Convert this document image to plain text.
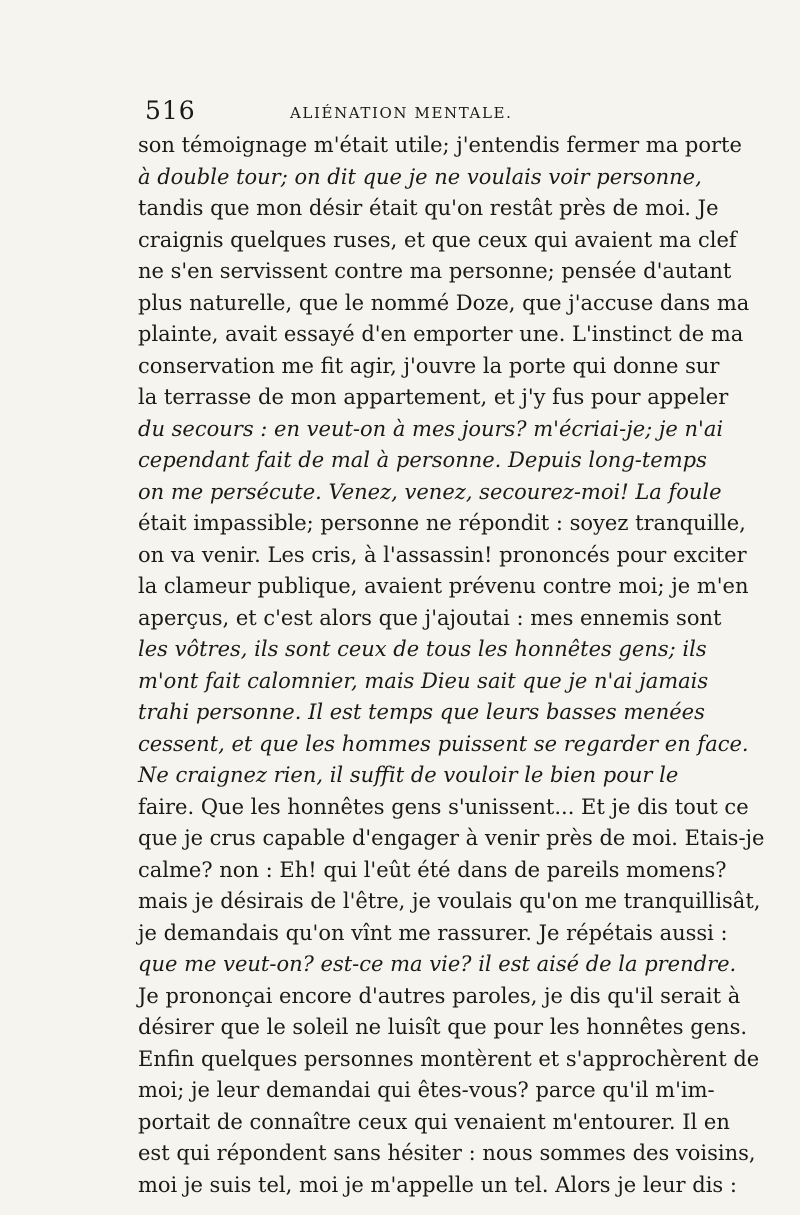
516	ALIÉNATION MENTALE.
son témoignage m'était utile; j'entendis fermer ma porte
à double tour; on dit que je ne voulais voir personne,
tandis que mon désir était qu'on restât près de moi. Je
craignis quelques ruses, et que ceux qui avaient ma clef
ne s'en servissent contre ma personne; pensée d'autant
plus naturelle, que le nommé Doze, que j'accuse dans ma
plainte, avait essayé d'en emporter une. L'instinct de ma
conservation me fit agir, j'ouvre la porte qui donne sur
la terrasse de mon appartement, et j'y fus pour appeler
du secours : en veut-on à mes jours? m'écriai-je; je n'ai
cependant fait de mal à personne. Depuis long-temps
on me persécute. Venez, venez, secourez-moi! La foule
était impassible; personne ne répondit : soyez tranquille,
on va venir. Les cris, à l'assassin! prononcés pour exciter
la clameur publique, avaient prévenu contre moi; je m'en
aperçus, et c'est alors que j'ajoutai : mes ennemis sont
les vôtres, ils sont ceux de tous les honnêtes gens; ils
m'ont fait calomnier, mais Dieu sait que je n'ai jamais
trahi personne. Il est temps que leurs basses menées
cessent, et que les hommes puissent se regarder en face.
Ne craignez rien, il suffit de vouloir le bien pour le
faire. Que les honnêtes gens s'unissent... Et je dis tout ce
que je crus capable d'engager à venir près de moi. Etais-je
calme? non : Eh! qui l'eût été dans de pareils momens?
mais je désirais de l'être, je voulais qu'on me tranquillisât,
je demandais qu'on vînt me rassurer. Je répétais aussi :
que me veut-on? est-ce ma vie? il est aisé de la prendre.
Je prononçai encore d'autres paroles, je dis qu'il serait à
désirer que le soleil ne luisît que pour les honnêtes gens.
Enfin quelques personnes montèrent et s'approchèrent de
moi; je leur demandai qui êtes-vous? parce qu'il m'im-
portait de connaître ceux qui venaient m'entourer. Il en
est qui répondent sans hésiter : nous sommes des voisins,
moi je suis tel, moi je m'appelle un tel. Alors je leur dis :
